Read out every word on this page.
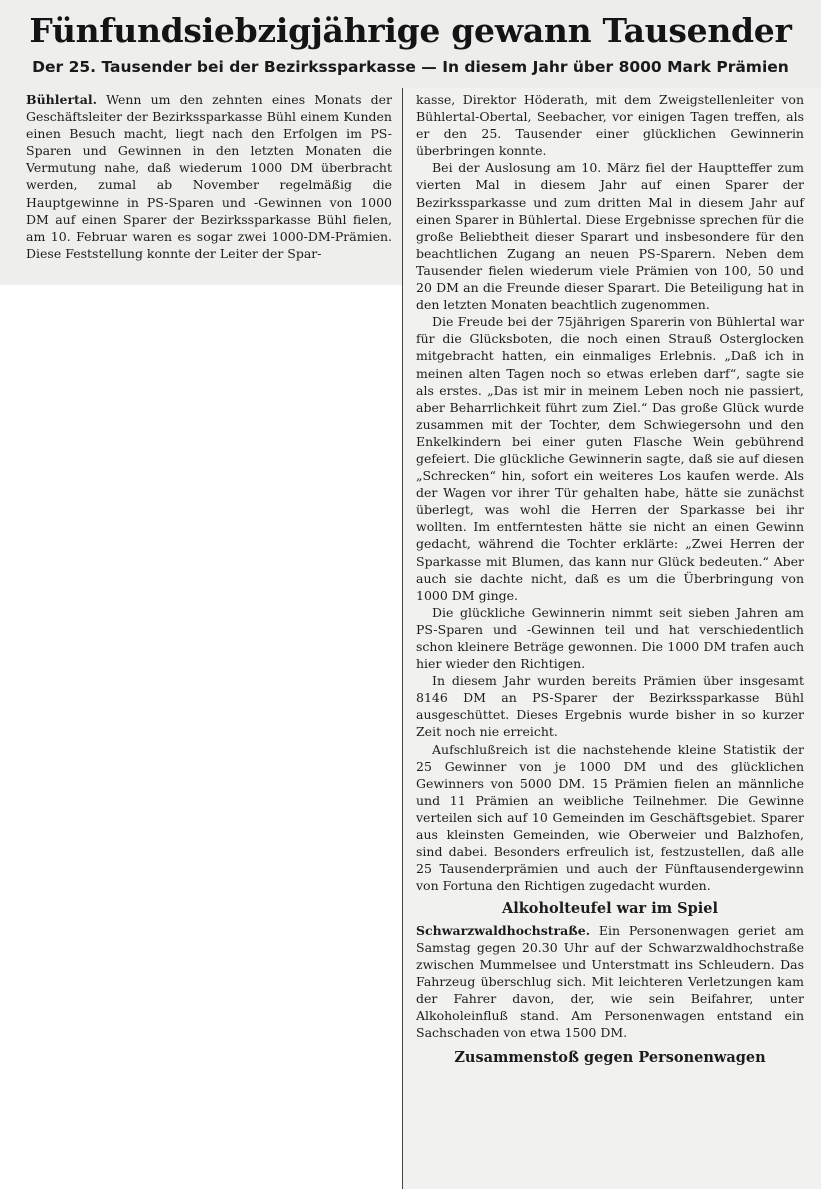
Fünfundsiebzigjährige gewann Tausender
Der 25. Tausender bei der Bezirkssparkasse — In diesem Jahr über 8000 Mark Prämien

Bühlertal. Wenn um den zehnten eines Monats der Geschäftsleiter der Bezirkssparkasse Bühl einem Kunden einen Besuch macht, liegt nach den Erfolgen im PS-Sparen und Gewinnen in den letzten Monaten die Vermutung nahe, daß wiederum 1000 DM überbracht werden, zumal ab November regelmäßig die Hauptgewinne in PS-Sparen und -Gewinnen von 1000 DM auf einen Sparer der Bezirkssparkasse Bühl fielen, am 10. Februar waren es sogar zwei 1000-DM-Prämien. Diese Feststellung konnte der Leiter der Spar-

kasse, Direktor Höderath, mit dem Zweigstellenleiter von Bühlertal-Obertal, Seebacher, vor einigen Tagen treffen, als er den 25. Tausender einer glücklichen Gewinnerin überbringen konnte.

Bei der Auslosung am 10. März fiel der Hauptteffer zum vierten Mal in diesem Jahr auf einen Sparer der Bezirkssparkasse und zum dritten Mal in diesem Jahr auf einen Sparer in Bühlertal. Diese Ergebnisse sprechen für die große Beliebtheit dieser Sparart und insbesondere für den beachtlichen Zugang an neuen PS-Sparern. Neben dem Tausender fielen wiederum viele Prämien von 100, 50 und 20 DM an die Freunde dieser Sparart. Die Beteiligung hat in den letzten Monaten beachtlich zugenommen.

Die Freude bei der 75jährigen Sparerin von Bühlertal war für die Glücksboten, die noch einen Strauß Osterglocken mitgebracht hatten, ein einmaliges Erlebnis. „Daß ich in meinen alten Tagen noch so etwas erleben darf“, sagte sie als erstes. „Das ist mir in meinem Leben noch nie passiert, aber Beharrlichkeit führt zum Ziel.“ Das große Glück wurde zusammen mit der Tochter, dem Schwiegersohn und den Enkelkindern bei einer guten Flasche Wein gebührend gefeiert. Die glückliche Gewinnerin sagte, daß sie auf diesen „Schrecken“ hin, sofort ein weiteres Los kaufen werde. Als der Wagen vor ihrer Tür gehalten habe, hätte sie zunächst überlegt, was wohl die Herren der Sparkasse bei ihr wollten. Im entferntesten hätte sie nicht an einen Gewinn gedacht, während die Tochter erklärte: „Zwei Herren der Sparkasse mit Blumen, das kann nur Glück bedeuten.“ Aber auch sie dachte nicht, daß es um die Überbringung von 1000 DM ginge.

Die glückliche Gewinnerin nimmt seit sieben Jahren am PS-Sparen und -Gewinnen teil und hat verschiedentlich schon kleinere Beträge gewonnen. Die 1000 DM trafen auch hier wieder den Richtigen.

In diesem Jahr wurden bereits Prämien über insgesamt 8146 DM an PS-Sparer der Bezirkssparkasse Bühl ausgeschüttet. Dieses Ergebnis wurde bisher in so kurzer Zeit noch nie erreicht.

Aufschlußreich ist die nachstehende kleine Statistik der 25 Gewinner von je 1000 DM und des glücklichen Gewinners von 5000 DM. 15 Prämien fielen an männliche und 11 Prämien an weibliche Teilnehmer. Die Gewinne verteilen sich auf 10 Gemeinden im Geschäftsgebiet. Sparer aus kleinsten Gemeinden, wie Oberweier und Balzhofen, sind dabei. Besonders erfreulich ist, festzustellen, daß alle 25 Tausenderprämien und auch der Fünftausendergewinn von Fortuna den Richtigen zugedacht wurden.

Alkoholteufel war im Spiel

Schwarzwaldhochstraße. Ein Personenwagen geriet am Samstag gegen 20.30 Uhr auf der Schwarzwaldhochstraße zwischen Mummelsee und Unterstmatt ins Schleudern. Das Fahrzeug überschlug sich. Mit leichteren Verletzungen kam der Fahrer davon, der, wie sein Beifahrer, unter Alkoholeinfluß stand. Am Personenwagen entstand ein Sachschaden von etwa 1500 DM.
